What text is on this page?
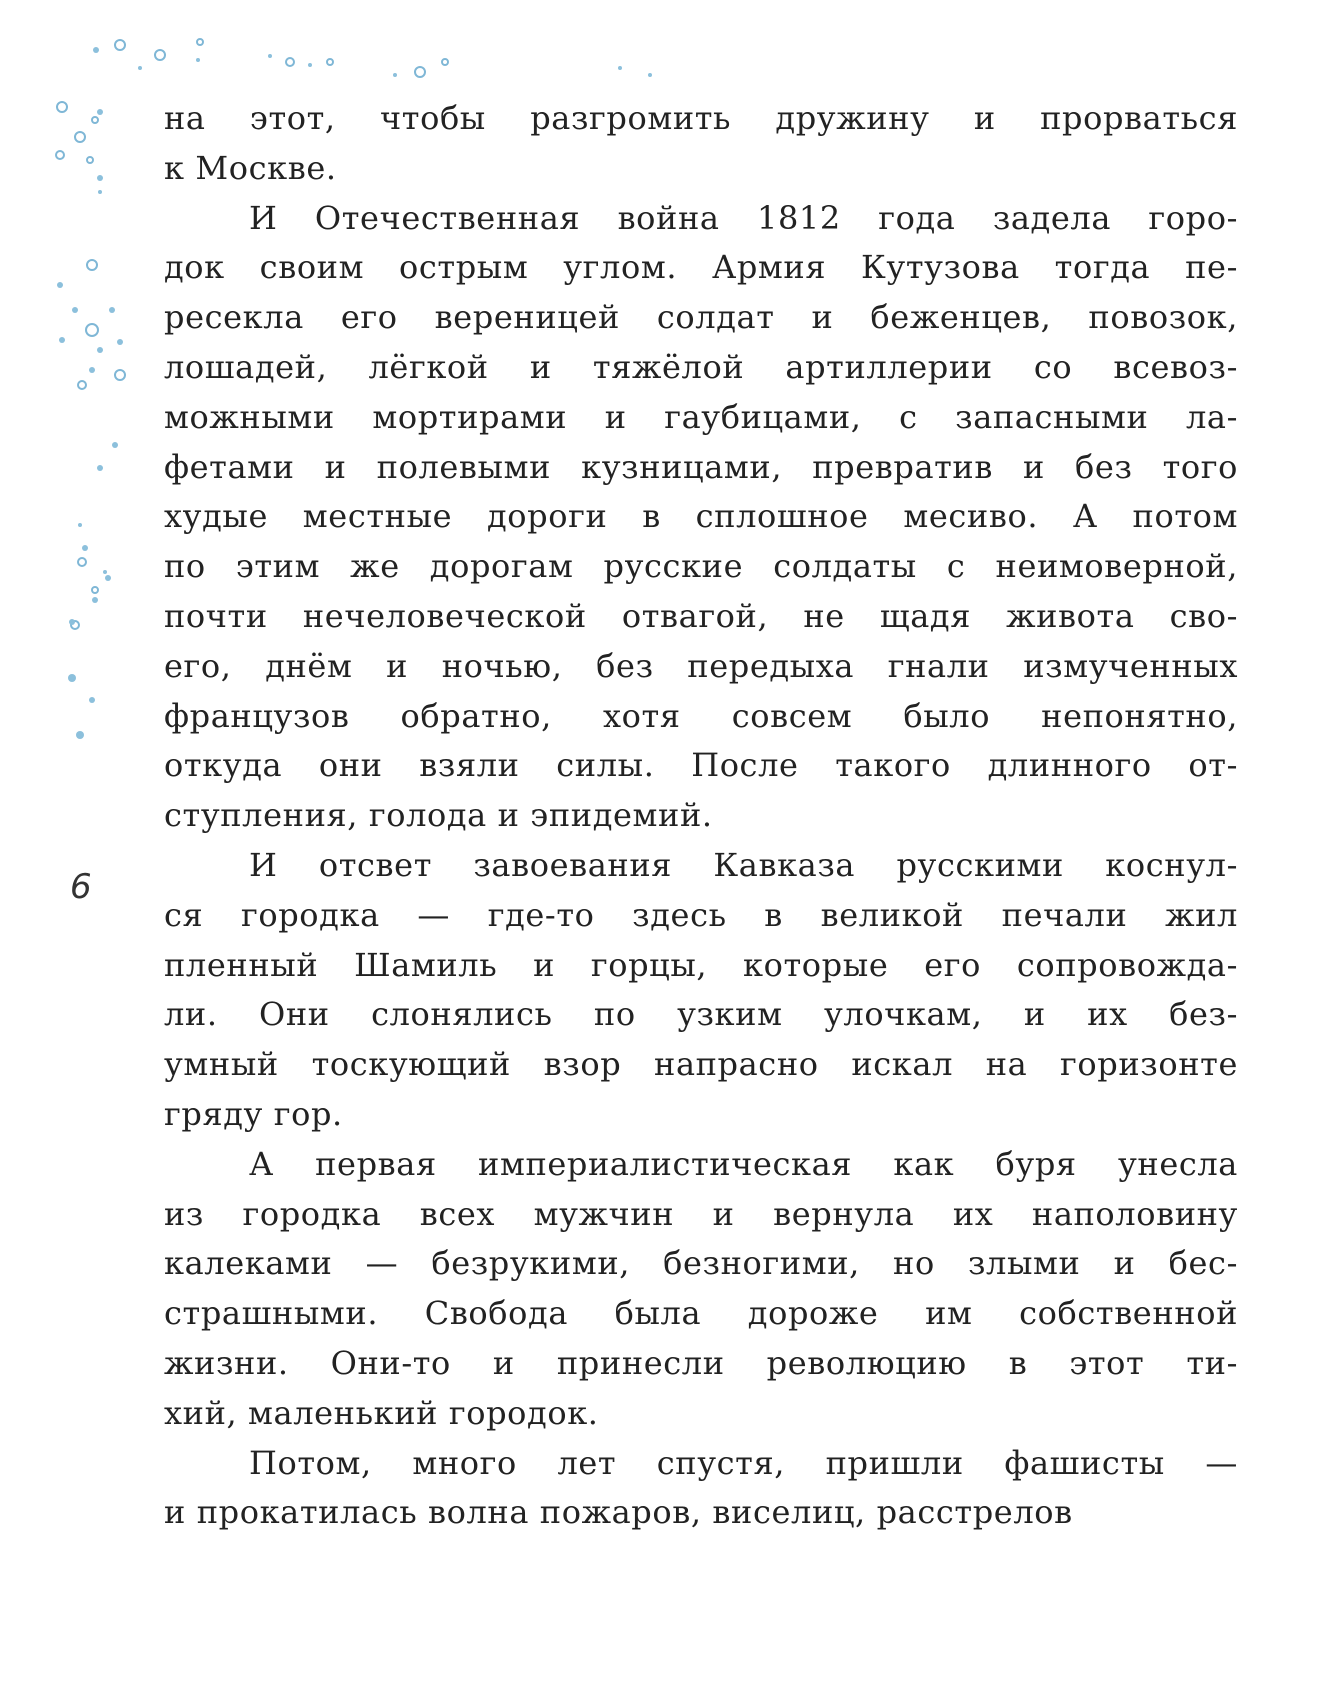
на этот, чтобы разгромить дружину и прорваться
к Москве.
И Отечественная война 1812 года задела горо-
док своим острым углом. Армия Кутузова тогда пе-
ресекла его вереницей солдат и беженцев, повозок,
лошадей, лёгкой и тяжёлой артиллерии со всевоз-
можными мортирами и гаубицами, с запасными ла-
фетами и полевыми кузницами, превратив и без того
худые местные дороги в сплошное месиво. А потом
по этим же дорогам русские солдаты с неимоверной,
почти нечеловеческой отвагой, не щадя живота сво-
его, днём и ночью, без передыха гнали измученных
французов обратно, хотя совсем было непонятно,
откуда они взяли силы. После такого длинного от-
ступления, голода и эпидемий.
И отсвет завоевания Кавказа русскими коснул-
ся городка — где-то здесь в великой печали жил
пленный Шамиль и горцы, которые его сопровожда-
ли. Они слонялись по узким улочкам, и их без-
умный тоскующий взор напрасно искал на горизонте
гряду гор.
А первая империалистическая как буря унесла
из городка всех мужчин и вернула их наполовину
калеками — безрукими, безногими, но злыми и бес-
страшными. Свобода была дороже им собственной
жизни. Они-то и принесли революцию в этот ти-
хий, маленький городок.
Потом, много лет спустя, пришли фашисты —
и прокатилась волна пожаров, виселиц, расстрелов
6
